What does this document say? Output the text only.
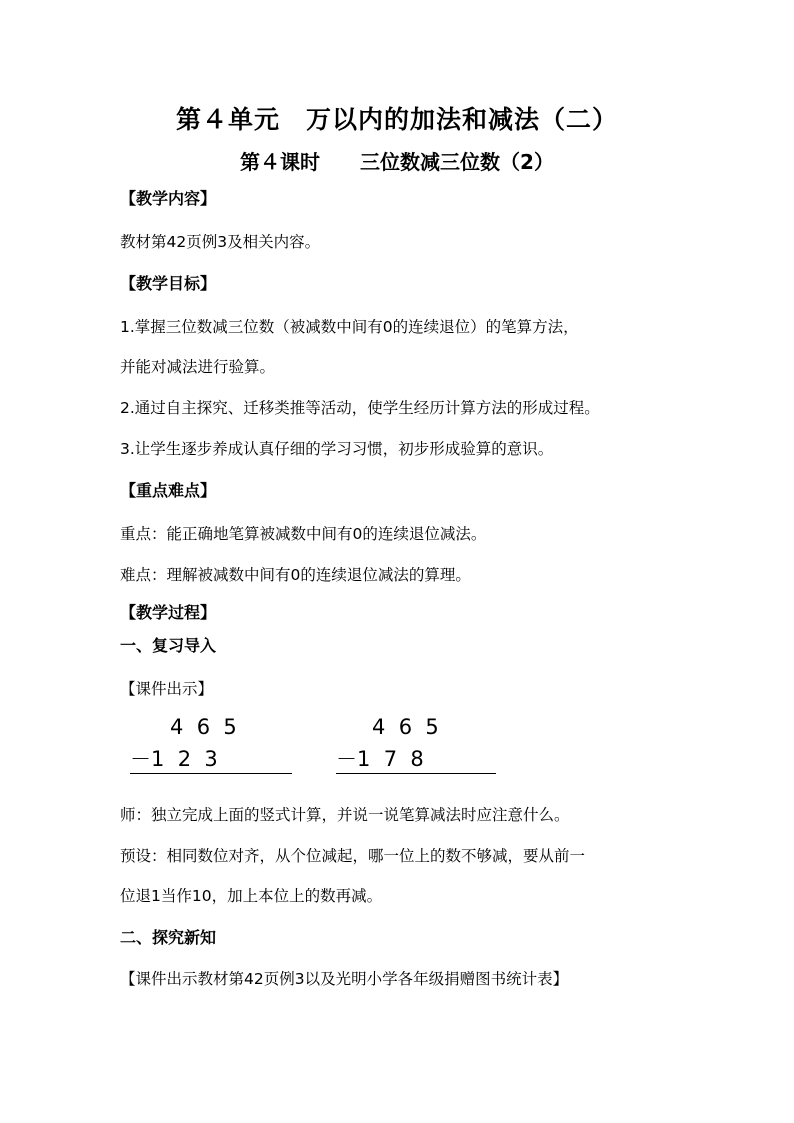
第４单元　万以内的加法和减法（二）
第４课时　　三位数减三位数（2）
【教学内容】
教材第42页例3及相关内容。
【教学目标】
1.掌握三位数减三位数（被减数中间有0的连续退位）的笔算方法，
并能对减法进行验算。
2.通过自主探究、迁移类推等活动，使学生经历计算方法的形成过程。
3.让学生逐步养成认真仔细的学习习惯，初步形成验算的意识。
【重点难点】
重点：能正确地笔算被减数中间有0的连续退位减法。
难点：理解被减数中间有0的连续退位减法的算理。
【教学过程】
一、复习导入
【课件出示】
4  6  5
－1  2  3
4  6  5
－1  7  8
师：独立完成上面的竖式计算，并说一说笔算减法时应注意什么。
预设：相同数位对齐，从个位减起，哪一位上的数不够减，要从前一
位退1当作10，加上本位上的数再减。
二、探究新知
【课件出示教材第42页例3以及光明小学各年级捐赠图书统计表】
